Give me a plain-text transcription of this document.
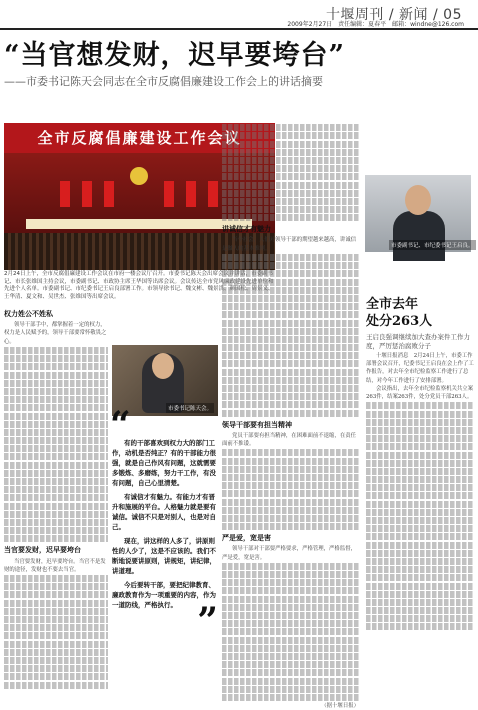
十堰周刊 / 新闻 / 05
2009年2月27日　责任编辑：夏春平　邮箱：windne@126.com
“当官想发财，迟早要垮台”
——市委书记陈天会同志在全市反腐倡廉建设工作会上的讲话摘要
全市反腐倡廉建设工作会议
2月24日上午，全市反腐倡廉建设工作会议在市府一楼会议厅召开。市委书记陈天会出席会议并讲话，市委副书记、市长张维国主持会议，市委副书记、市政协主席王华国等出席会议。会议传达全市党风廉政建设先进单位和先进个人名单。市委副书记、市纪委书记王启良部署工作。市领导徐书记、魏文彬、魏景洪、颜国松、周景义、王华清、夏文和、吴世杰、张维国等出席会议。
权力姓公不姓私

领导干部手中，都掌握着一定的权力，权力是人民赋予的，领导干部要常怀敬畏之心。

当官要发财，迟早要垮台

当官要发财，迟早要垮台。当官不是发财的途径，发财也不要去当官。

市委书记陈天会。
“

有的干部喜欢到权力大的部门工作，动机是否纯正？有的干部能力很强，就是自己作风有问题，这就需要多锻炼、多磨练，努力干工作，有没有问题，自己心里清楚。

有诚信才有魅力。有能力才有晋升和施展的平台。人格魅力就是要有诚信。诚信不只是对别人，也是对自己。

现在，讲这样的人多了，讲原则性的人少了，这是不应该的。我们不断地说要讲原则，讲规矩，讲纪律，讲道理。

今后要转干部，要把纪律教育、廉政教育作为一项重要的内容，作为一道防线，严格执行。 ”
讲诚信才有魅力

当今社会，人们对领导干部的期望越来越高，讲诚信是做人的基本准则。

领导干部要有担当精神

党员干部要有担当精神，在困难面前不退缩，在责任面前不推诿。

严是爱，宽是害

领导干部对干部要严格要求，严格管理，严格监督，严是爱，宽是害。

（据十堰日报）

市委副书记、市纪委书记王启良。
全市去年
处分263人
王启良强调继续加大查办案件工作力度，严厉惩治腐败分子

十堰日报消息　2月24日上午，市委工作部署会议召开，纪委书记王启良在会上作了工作报告，对去年全市纪检监察工作进行了总结，对今年工作进行了安排部署。

会议指出，去年全市纪检监察机关共立案263件，结案263件，处分党员干部263人。
